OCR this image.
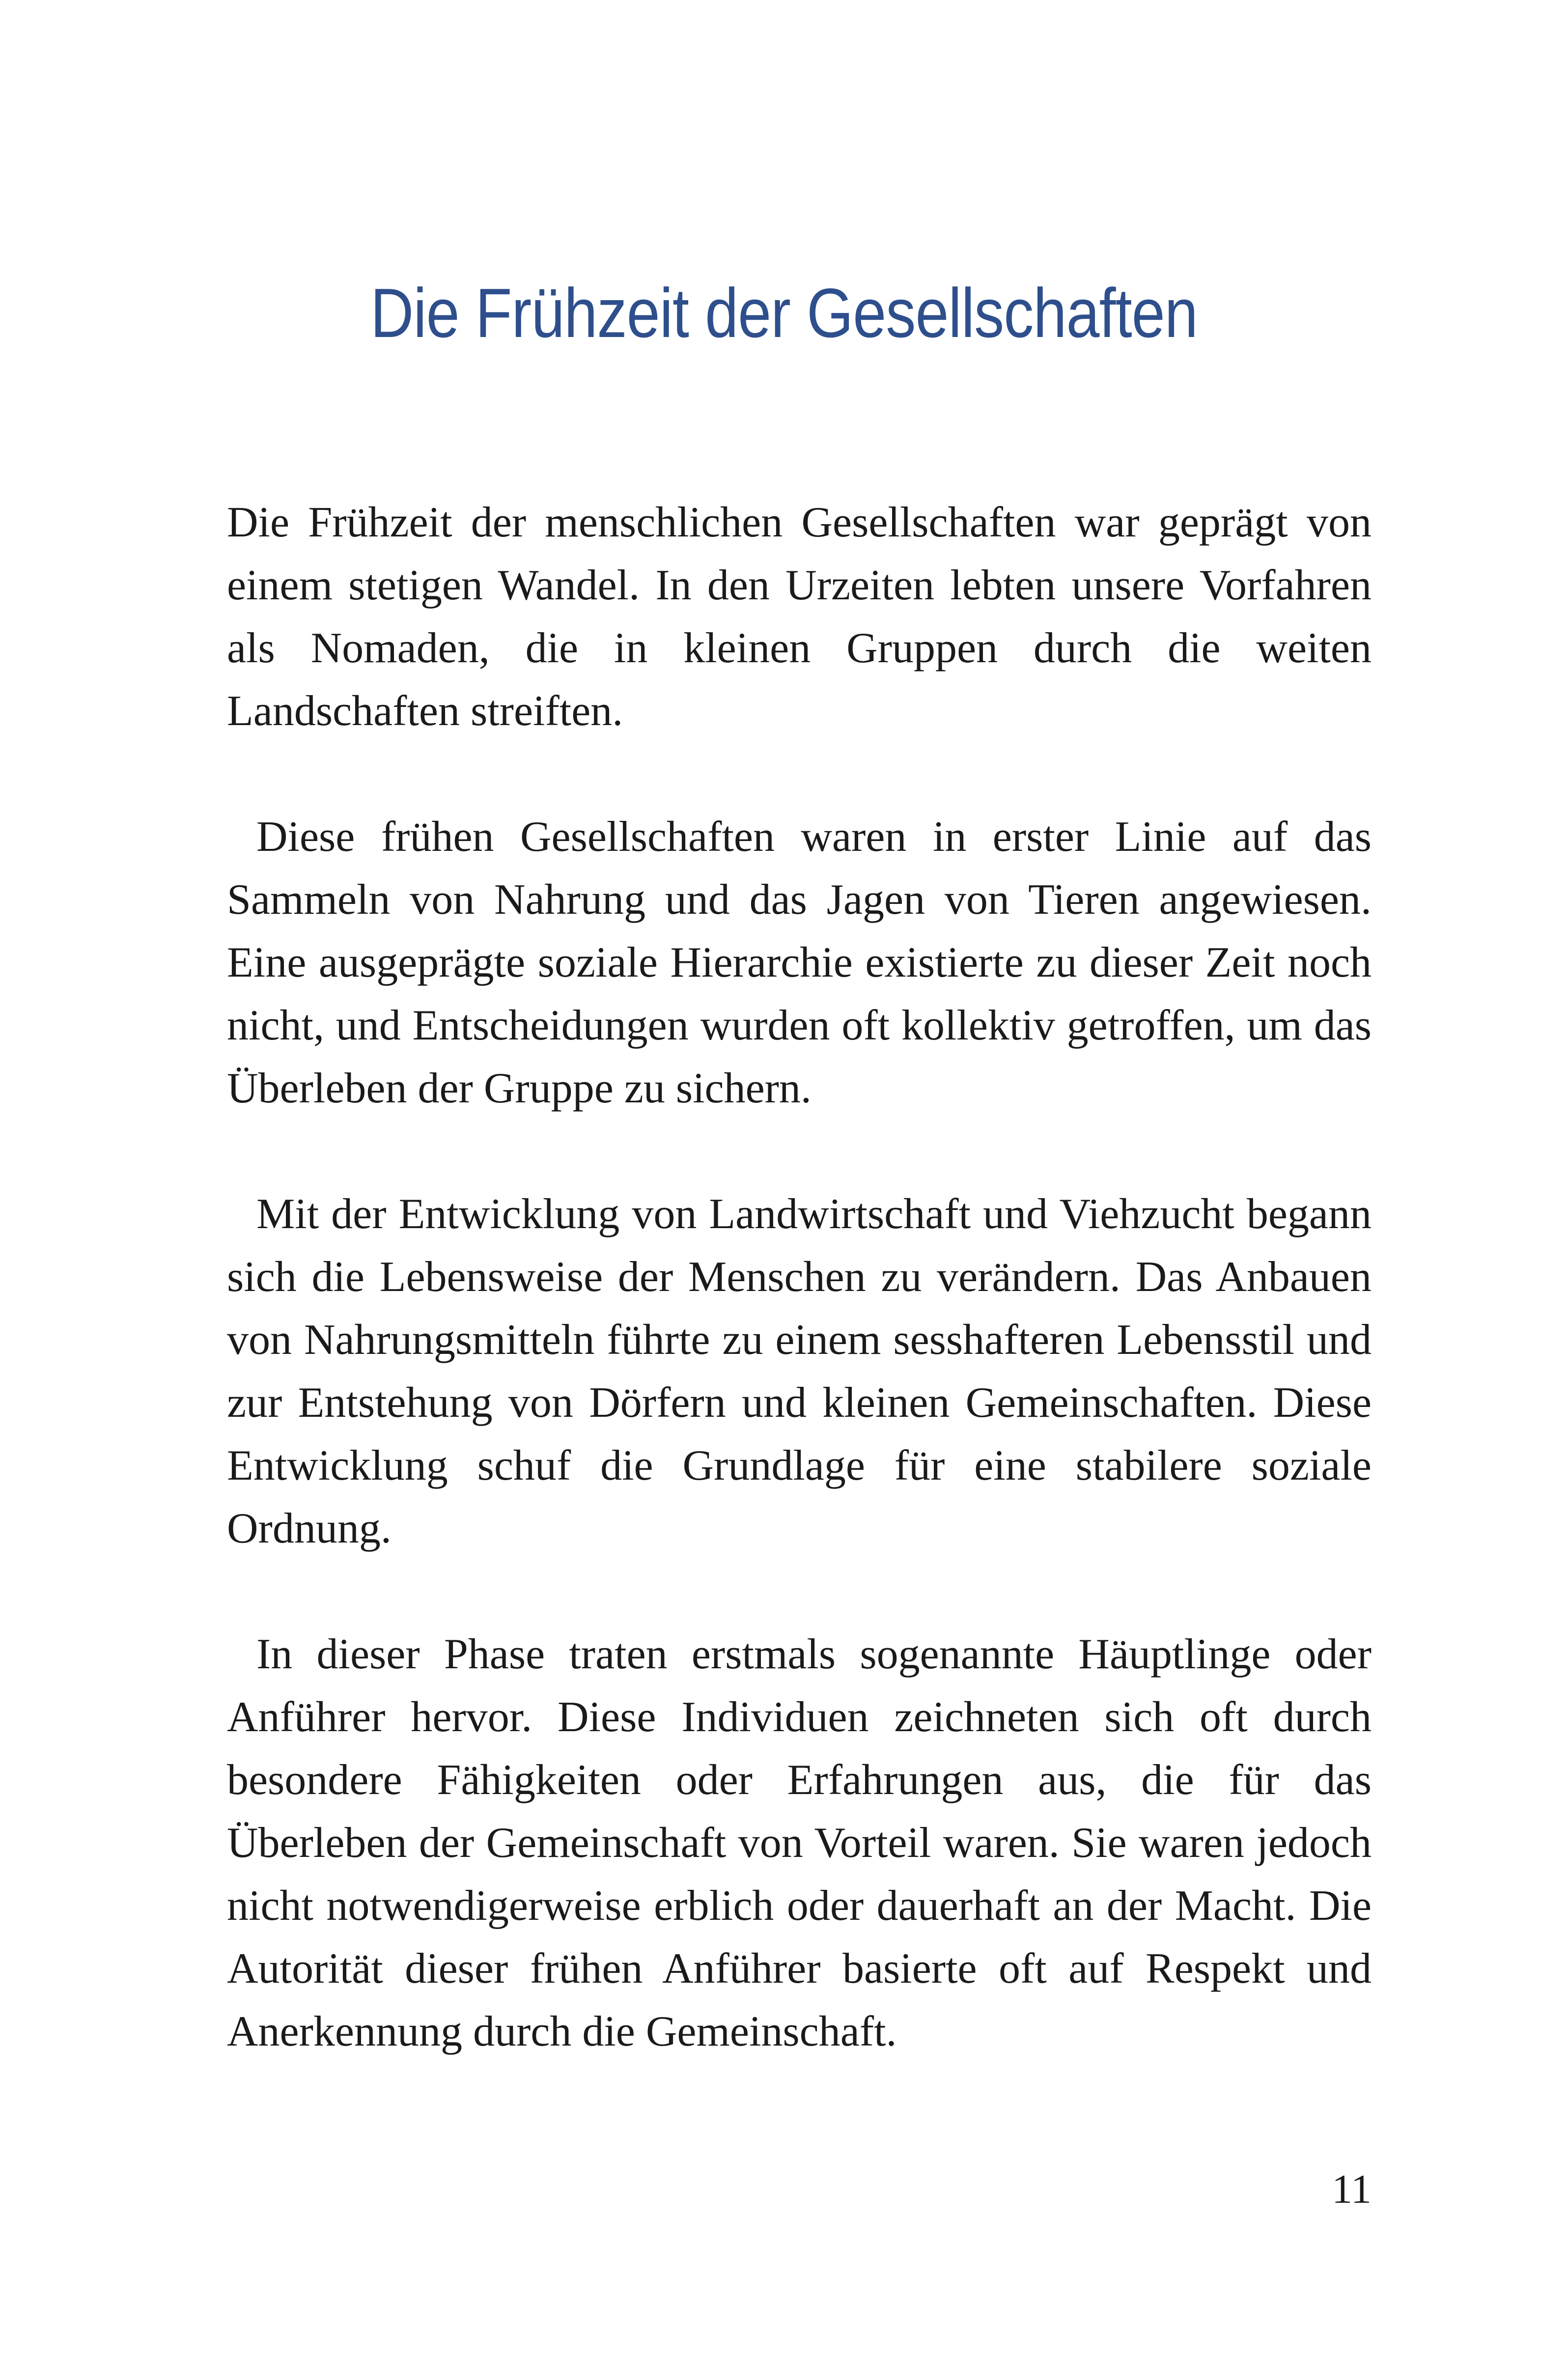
Die Frühzeit der Gesellschaften

Die Frühzeit der menschlichen Gesellschaften war geprägt von einem stetigen Wandel. In den Urzeiten lebten unsere Vorfahren als Nomaden, die in kleinen Gruppen durch die weiten Landschaften streiften.

Diese frühen Gesellschaften waren in erster Linie auf das Sammeln von Nahrung und das Jagen von Tieren angewiesen. Eine ausgeprägte soziale Hierarchie existierte zu dieser Zeit noch nicht, und Entscheidungen wurden oft kollektiv getroffen, um das Überleben der Gruppe zu sichern.

Mit der Entwicklung von Landwirtschaft und Viehzucht begann sich die Lebensweise der Menschen zu verändern. Das Anbauen von Nahrungsmitteln führte zu einem sesshafteren Lebensstil und zur Entstehung von Dörfern und kleinen Gemeinschaften. Diese Entwicklung schuf die Grundlage für eine stabilere soziale Ordnung.

In dieser Phase traten erstmals sogenannte Häuptlinge oder Anführer hervor. Diese Individuen zeichneten sich oft durch besondere Fähigkeiten oder Erfahrungen aus, die für das Überleben der Gemeinschaft von Vorteil waren. Sie waren jedoch nicht notwendigerweise erblich oder dauerhaft an der Macht. Die Autorität dieser frühen Anführer basierte oft auf Respekt und Anerkennung durch die Gemeinschaft.

11
